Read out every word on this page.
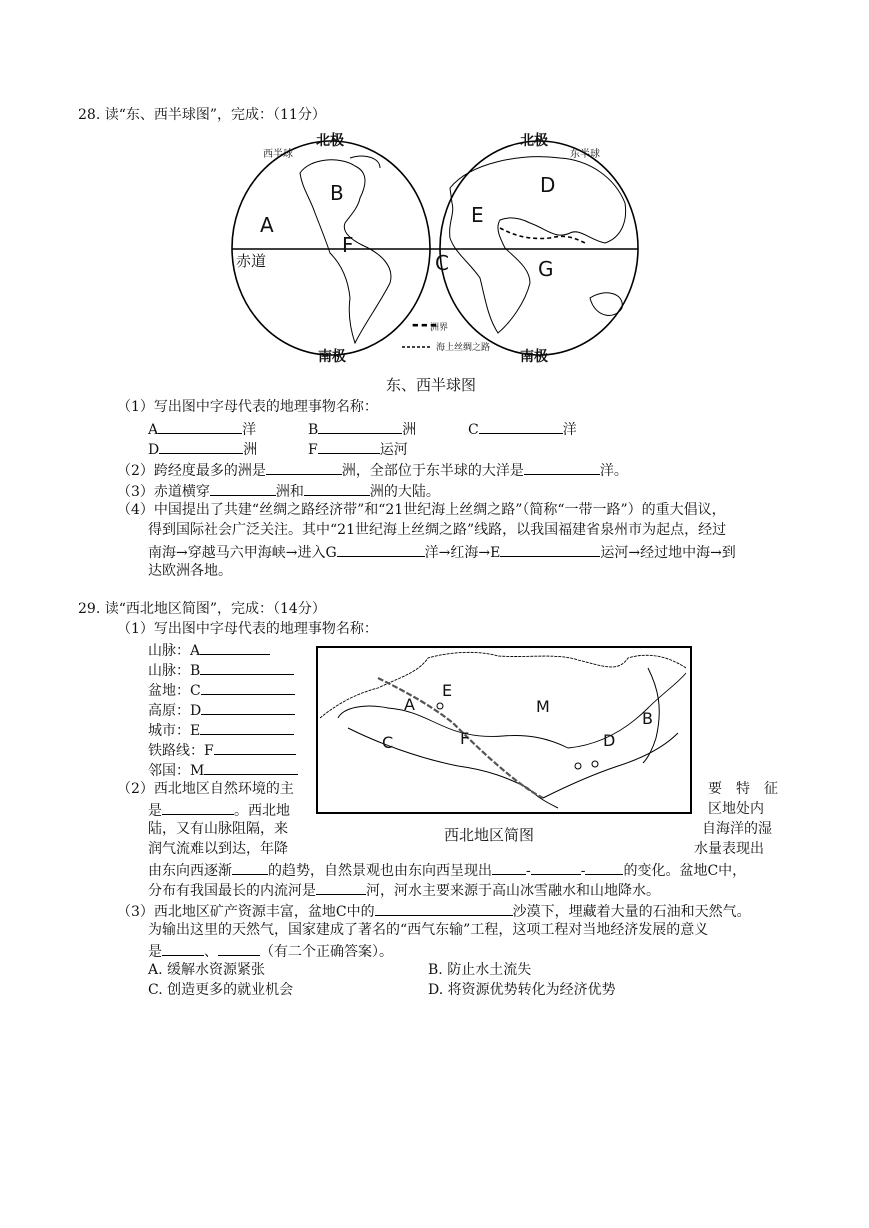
28. 读“东、西半球图”，完成：（11分）
▬ ▬ ▬
北极	北极
西半球	东半球
赤道
A
B
F
C
D
E
G
洲界
海上丝绸之路
南极	南极
东、西半球图
（1）写出图中字母代表的地理事物名称：
A	洋	B	洲	C	洋
D	洲	F	运河
（2）跨经度最多的洲是	洲，全部位于东半球的大洋是	洋。
（3）赤道横穿	洲和	洲的大陆。
（4）中国提出了共建“丝绸之路经济带”和“21世纪海上丝绸之路”（简称“一带一路”）的重大倡议，
得到国际社会广泛关注。其中“21世纪海上丝绸之路”线路，以我国福建省泉州市为起点，经过
南海→穿越马六甲海峡→进入G	洋→红海→E	运河→经过地中海→到
达欧洲各地。
29. 读“西北地区简图”，完成：（14分）
（1）写出图中字母代表的地理事物名称：
山脉：A
山脉：B
盆地：C
高原：D
城市：E
铁路线：F
邻国：M
A
E
M
B
C	F	D
西北地区简图
（2）西北地区自然环境的主	要　特　征
是	。西北地	区地处内
陆，又有山脉阻隔，来	自海洋的湿
润气流难以到达，年降	水量表现出
由东向西逐渐	的趋势，自然景观也由东向西呈现出 -	-	的变化。盆地C中，
分布有我国最长的内流河是	河，河水主要来源于高山冰雪融水和山地降水。
（3）西北地区矿产资源丰富，盆地C中的	沙漠下，埋藏着大量的石油和天然气。
为输出这里的天然气，国家建成了著名的“西气东输”工程，这项工程对当地经济发展的意义
是	、	（有二个正确答案）。
A. 缓解水资源紧张	B. 防止水土流失
C. 创造更多的就业机会	D. 将资源优势转化为经济优势
